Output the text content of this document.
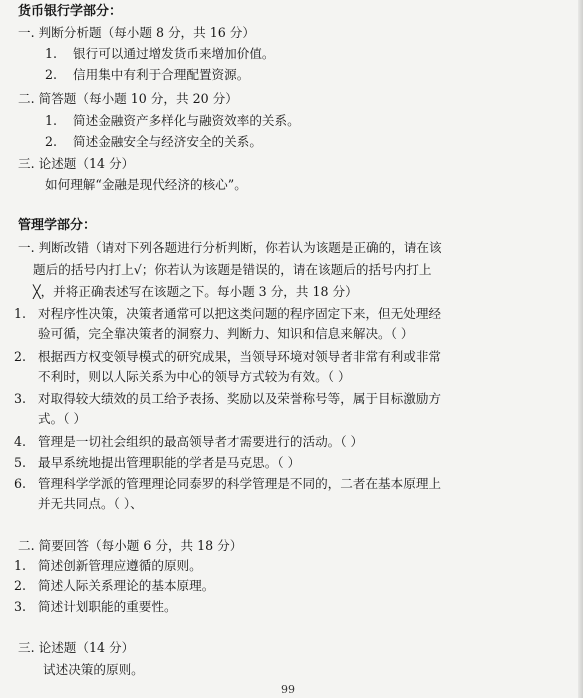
货币银行学部分：
一. 判断分析题（每小题 8 分，共 16 分）
1. 银行可以通过增发货币来增加价值。
2. 信用集中有利于合理配置资源。
二. 简答题（每小题 10 分，共 20 分）
1. 简述金融资产多样化与融资效率的关系。
2. 简述金融安全与经济安全的关系。
三. 论述题（14 分）
如何理解“金融是现代经济的核心”。
管理学部分：
一. 判断改错（请对下列各题进行分析判断，你若认为该题是正确的，请在该
题后的括号内打上√；你若认为该题是错误的，请在该题后的括号内打上
╳，并将正确表述写在该题之下。每小题 3 分，共 18 分）
1. 对程序性决策，决策者通常可以把这类问题的程序固定下来，但无处理经
验可循，完全靠决策者的洞察力、判断力、知识和信息来解决。（ ）
2. 根据西方权变领导模式的研究成果，当领导环境对领导者非常有利或非常
不利时，则以人际关系为中心的领导方式较为有效。（ ）
3. 对取得较大绩效的员工给予表扬、奖励以及荣誉称号等，属于目标激励方
式。（ ）
4. 管理是一切社会组织的最高领导者才需要进行的活动。（ ）
5. 最早系统地提出管理职能的学者是马克思。（ ）
6. 管理科学学派的管理理论同泰罗的科学管理是不同的，二者在基本原理上
并无共同点。（ ）、
二. 简要回答（每小题 6 分，共 18 分）
1. 简述创新管理应遵循的原则。
2. 简述人际关系理论的基本原理。
3. 简述计划职能的重要性。
三. 论述题（14 分）
试述决策的原则。
99
